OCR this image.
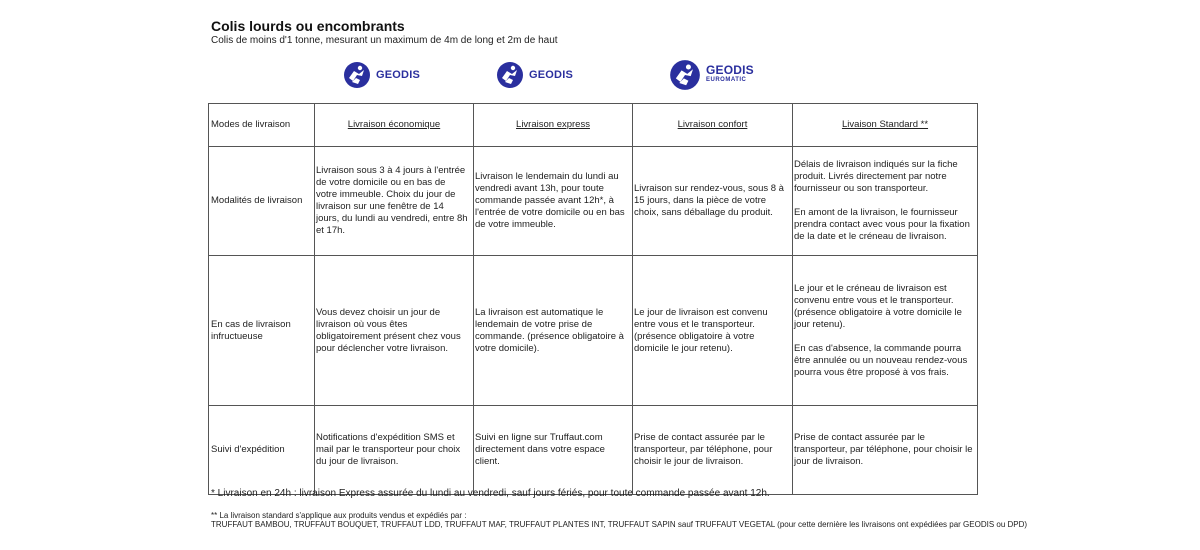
Colis lourds ou encombrants
Colis de moins d'1 tonne, mesurant un maximum de 4m de long et 2m de haut
GEODIS	GEODIS	GEODIS
EUROMATIC
Modes de livraison	Livraison économique	Livraison express	Livraison confort	Livaison Standard **
Modalités de livraison	Livraison sous 3 à 4 jours à l'entrée de votre domicile ou en bas de votre immeuble. Choix du jour de livraison sur une fenêtre de 14 jours, du lundi au vendredi, entre 8h et 17h.	Livraison le lendemain du lundi au vendredi avant 13h, pour toute commande passée avant 12h*, à l'entrée de votre domicile ou en bas de votre immeuble.	Livraison sur rendez-vous, sous 8 à 15 jours, dans la pièce de votre choix, sans déballage du produit.	Délais de livraison indiqués sur la fiche produit. Livrés directement par notre fournisseur ou son transporteur.

En amont de la livraison, le fournisseur prendra contact avec vous pour la fixation de la date et le créneau de livraison.

En cas de livraison infructueuse	Vous devez choisir un jour de livraison où vous êtes obligatoirement présent chez vous pour déclencher votre livraison.	La livraison est automatique le lendemain de votre prise de commande. (présence obligatoire à votre domicile).	Le jour de livraison est convenu entre vous et le transporteur. (présence obligatoire à votre domicile le jour retenu).	Le jour et le créneau de livraison est convenu entre vous et le transporteur. (présence obligatoire à votre domicile le jour retenu).

En cas d'absence, la commande pourra être annulée ou un nouveau rendez-vous pourra vous être proposé à vos frais.

Suivi d'expédition	Notifications d'expédition SMS et mail par le transporteur pour choix du jour de livraison.	Suivi en ligne sur Truffaut.com directement dans votre espace client.	Prise de contact assurée par le transporteur, par téléphone, pour choisir le jour de livraison.	Prise de contact assurée par le transporteur, par téléphone, pour choisir le jour de livraison.

* Livraison en 24h : livraison Express assurée du lundi au vendredi, sauf jours fériés, pour toute commande passée avant 12h.
** La livraison standard s'applique aux produits vendus et expédiés par :
TRUFFAUT BAMBOU, TRUFFAUT BOUQUET, TRUFFAUT LDD, TRUFFAUT MAF, TRUFFAUT PLANTES INT, TRUFFAUT SAPIN sauf TRUFFAUT VEGETAL (pour cette dernière les livraisons ont expédiées par GEODIS ou DPD)
